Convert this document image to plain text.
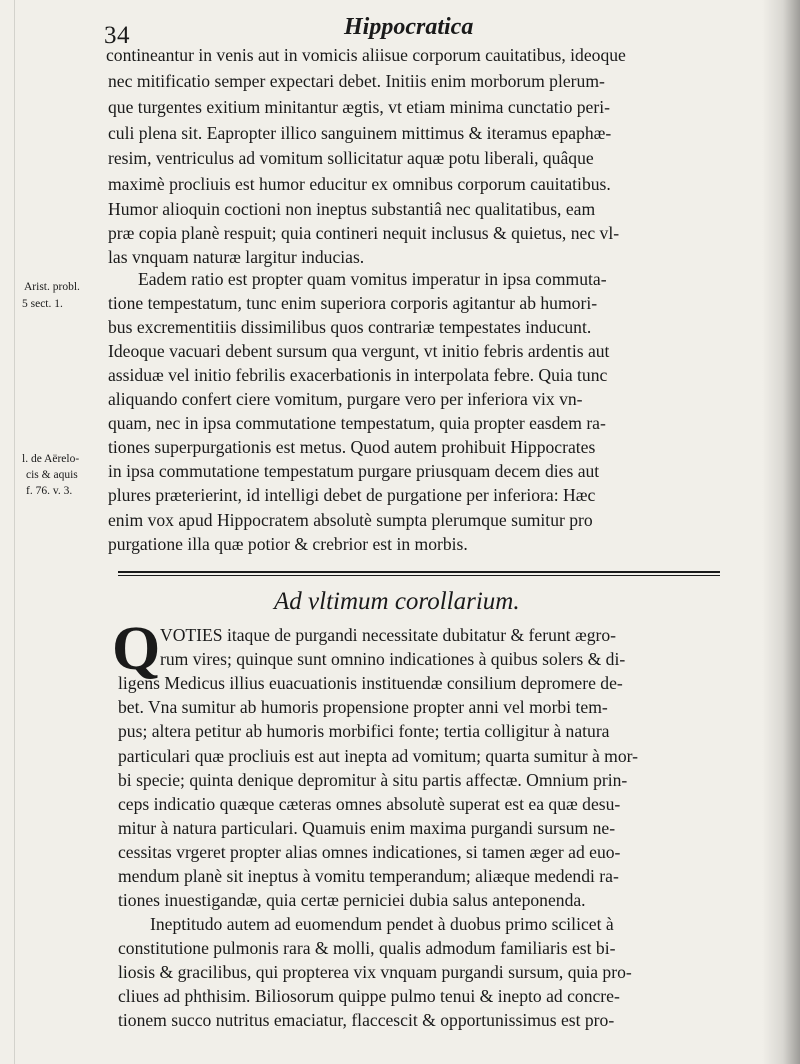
34	Hippocratica
contineantur in venis aut in vomicis aliisue corporum cauitatibus, ideoque
nec mitificatio semper expectari debet. Initiis enim morborum plerum-
que turgentes exitium minitantur ægtis, vt etiam minima cunctatio peri-
culi plena sit. Eapropter illico sanguinem mittimus & iteramus epaphæ-
resim, ventriculus ad vomitum sollicitatur aquæ potu liberali, quâque
maximè procliuis est humor educitur ex omnibus corporum cauitatibus.
Humor alioquin coctioni non ineptus substantiâ nec qualitatibus, eam
præ copia planè respuit; quia contineri nequit inclusus & quietus, nec vl-
las vnquam naturæ largitur inducias.
Arist. probl.
5 sect. 1.
l. de Aërelo-
cis & aquis
f. 76. v. 3.
Eadem ratio est propter quam vomitus imperatur in ipsa commuta-
tione tempestatum, tunc enim superiora corporis agitantur ab humori-
bus excrementitiis dissimilibus quos contrariæ tempestates inducunt.
Ideoque vacuari debent sursum qua vergunt, vt initio febris ardentis aut
assiduæ vel initio febrilis exacerbationis in interpolata febre. Quia tunc
aliquando confert ciere vomitum, purgare vero per inferiora vix vn-
quam, nec in ipsa commutatione tempestatum, quia propter easdem ra-
tiones superpurgationis est metus. Quod autem prohibuit Hippocrates
in ipsa commutatione tempestatum purgare priusquam decem dies aut
plures præterierint, id intelligi debet de purgatione per inferiora: Hæc
enim vox apud Hippocratem absolutè sumpta plerumque sumitur pro
purgatione illa quæ potior & crebrior est in morbis.
Ad vltimum corollarium.
Q VOTIES itaque de purgandi necessitate dubitatur & ferunt ægro-
rum vires; quinque sunt omnino indicationes à quibus solers & di-
ligens Medicus illius euacuationis instituendæ consilium depromere de-
bet. Vna sumitur ab humoris propensione propter anni vel morbi tem-
pus; altera petitur ab humoris morbifici fonte; tertia colligitur à natura
particulari quæ procliuis est aut inepta ad vomitum; quarta sumitur à mor-
bi specie; quinta denique depromitur à situ partis affectæ. Omnium prin-
ceps indicatio quæque cæteras omnes absolutè superat est ea quæ desu-
mitur à natura particulari. Quamuis enim maxima purgandi sursum ne-
cessitas vrgeret propter alias omnes indicationes, si tamen æger ad euo-
mendum planè sit ineptus à vomitu temperandum; aliæque medendi ra-
tiones inuestigandæ, quia certæ perniciei dubia salus anteponenda.
Ineptitudo autem ad euomendum pendet à duobus primo scilicet à
constitutione pulmonis rara & molli, qualis admodum familiaris est bi-
liosis & gracilibus, qui propterea vix vnquam purgandi sursum, quia pro-
cliues ad phthisim. Biliosorum quippe pulmo tenui & inepto ad concre-
tionem succo nutritus emaciatur, flaccescit & opportunissimus est pro-
